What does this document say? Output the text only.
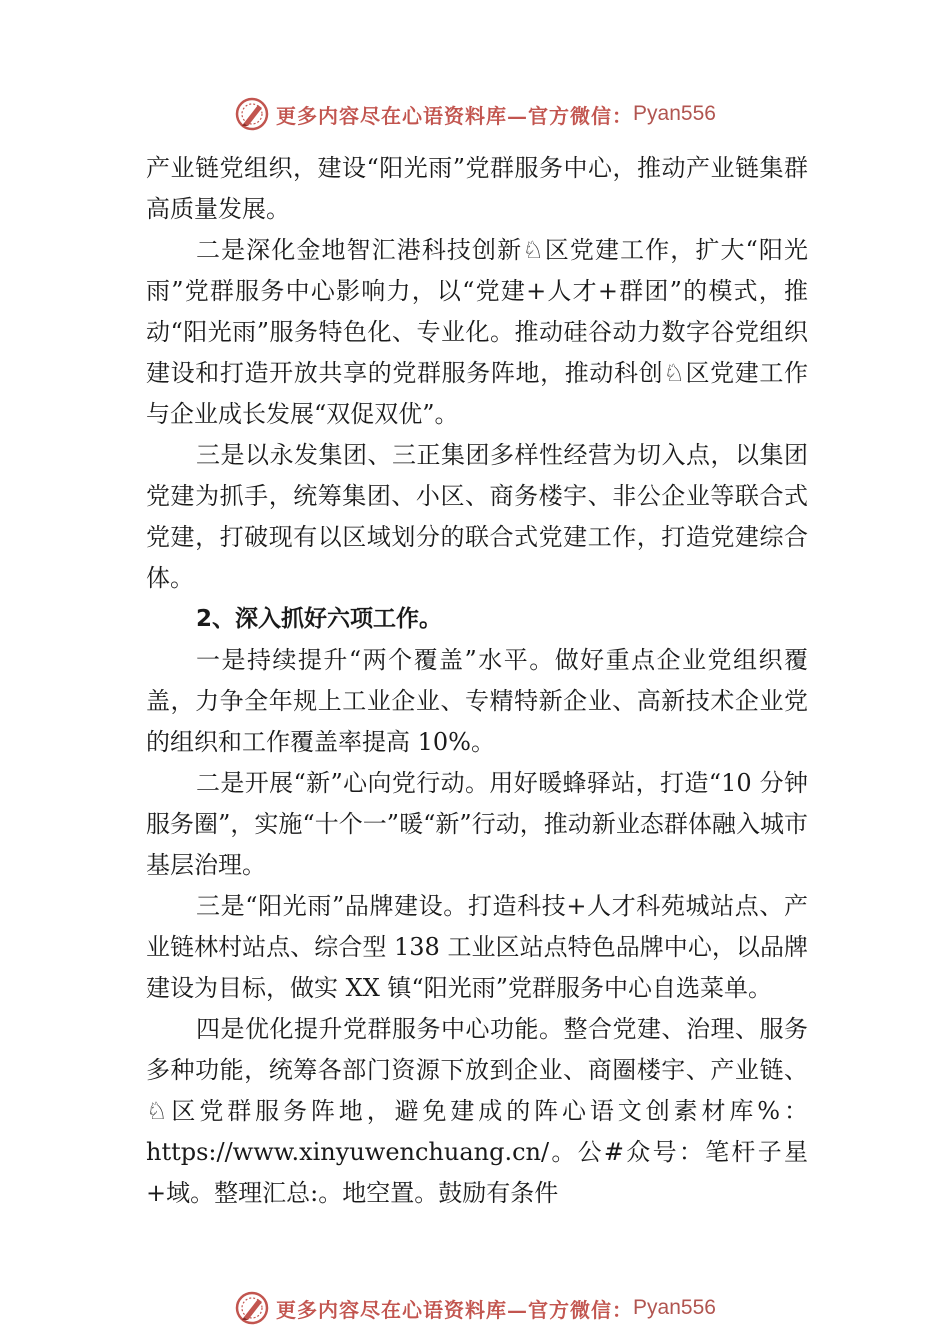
更多内容尽在心语资料库—官方微信： Pyan556

产业链党组织，建设“阳光雨”党群服务中心，推动产业链集群高质量发展。

二是深化金地智汇港科技创新♘区党建工作，扩大“阳光雨”党群服务中心影响力，以“党建+人才+群团”的模式，推动“阳光雨”服务特色化、专业化。推动硅谷动力数字谷党组织建设和打造开放共享的党群服务阵地，推动科创♘区党建工作与企业成长发展“双促双优”。

三是以永发集团、三正集团多样性经营为切入点，以集团党建为抓手，统筹集团、小区、商务楼宇、非公企业等联合式党建，打破现有以区域划分的联合式党建工作，打造党建综合体。

2、深入抓好六项工作。

一是持续提升“两个覆盖”水平。做好重点企业党组织覆盖，力争全年规上工业企业、专精特新企业、高新技术企业党的组织和工作覆盖率提高 10%。

二是开展“新”心向党行动。用好暖蜂驿站，打造“10 分钟服务圈”，实施“十个一”暖“新”行动，推动新业态群体融入城市基层治理。

三是“阳光雨”品牌建设。打造科技+人才科苑城站点、产业链林村站点、综合型 138 工业区站点特色品牌中心，以品牌建设为目标，做实 XX 镇“阳光雨”党群服务中心自选菜单。

四是优化提升党群服务中心功能。整合党建、治理、服务多种功能，统筹各部门资源下放到企业、商圈楼宇、产业链、♘区党群服务阵地，避免建成的阵心语文创素材库%：https://www.xinyuwenchuang.cn/。公#众号：笔杆子星+域。整理汇总:。地空置。鼓励有条件

更多内容尽在心语资料库—官方微信： Pyan556
